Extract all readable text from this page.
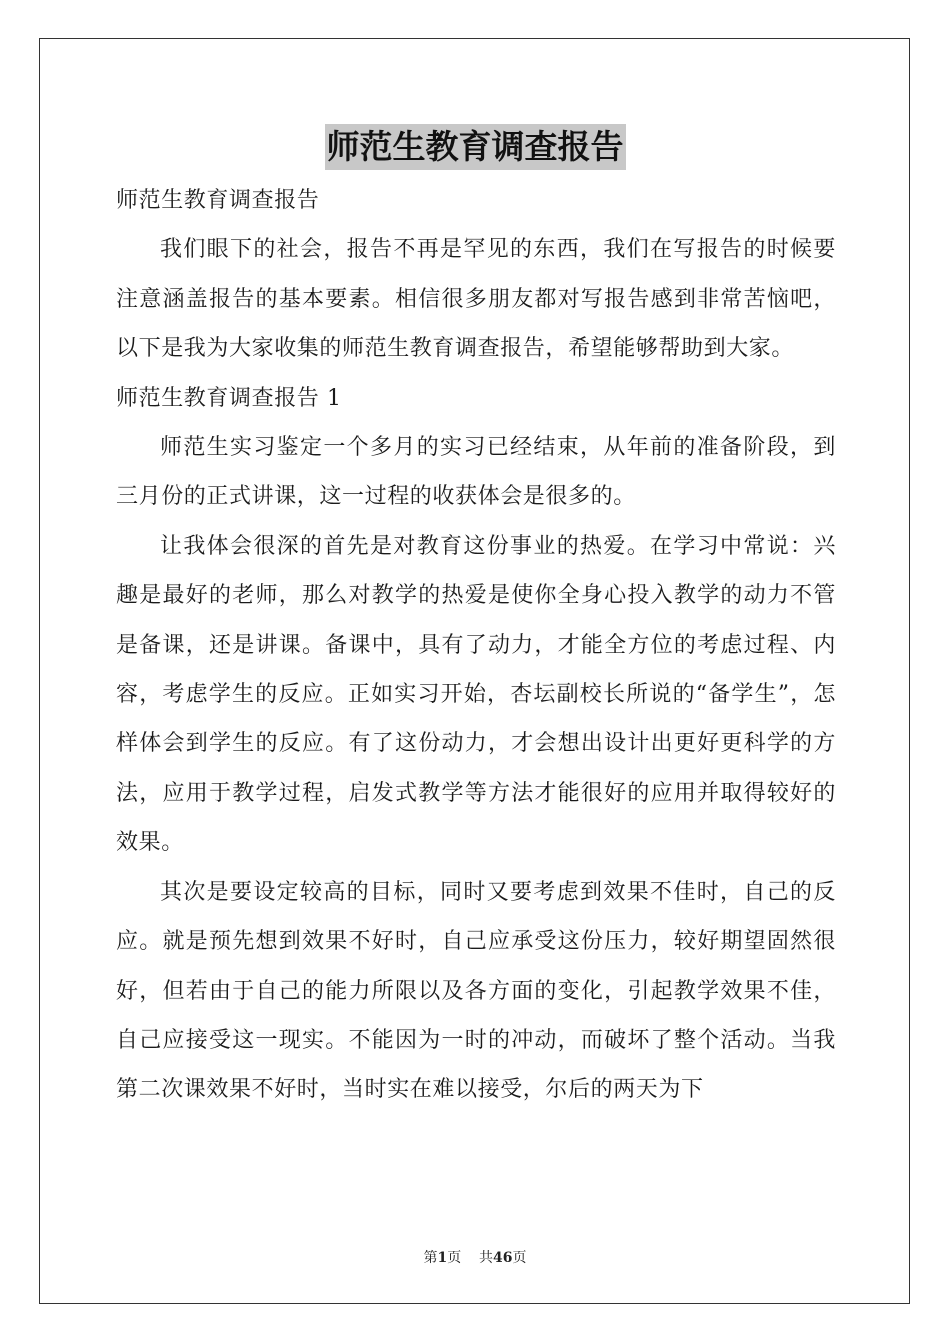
师范生教育调查报告

师范生教育调查报告

我们眼下的社会，报告不再是罕见的东西，我们在写报告的时候要注意涵盖报告的基本要素。相信很多朋友都对写报告感到非常苦恼吧，以下是我为大家收集的师范生教育调查报告，希望能够帮助到大家。

师范生教育调查报告 1

师范生实习鉴定一个多月的实习已经结束，从年前的准备阶段，到三月份的正式讲课，这一过程的收获体会是很多的。

让我体会很深的首先是对教育这份事业的热爱。在学习中常说：兴趣是最好的老师，那么对教学的热爱是使你全身心投入教学的动力不管是备课，还是讲课。备课中，具有了动力，才能全方位的考虑过程、内容，考虑学生的反应。正如实习开始，杏坛副校长所说的“备学生”，怎样体会到学生的反应。有了这份动力，才会想出设计出更好更科学的方法，应用于教学过程，启发式教学等方法才能很好的应用并取得较好的效果。

其次是要设定较高的目标，同时又要考虑到效果不佳时，自己的反应。就是预先想到效果不好时，自己应承受这份压力，较好期望固然很好，但若由于自己的能力所限以及各方面的变化，引起教学效果不佳，自己应接受这一现实。不能因为一时的冲动，而破坏了整个活动。当我第二次课效果不好时，当时实在难以接受，尔后的两天为下

第1页 共46页
